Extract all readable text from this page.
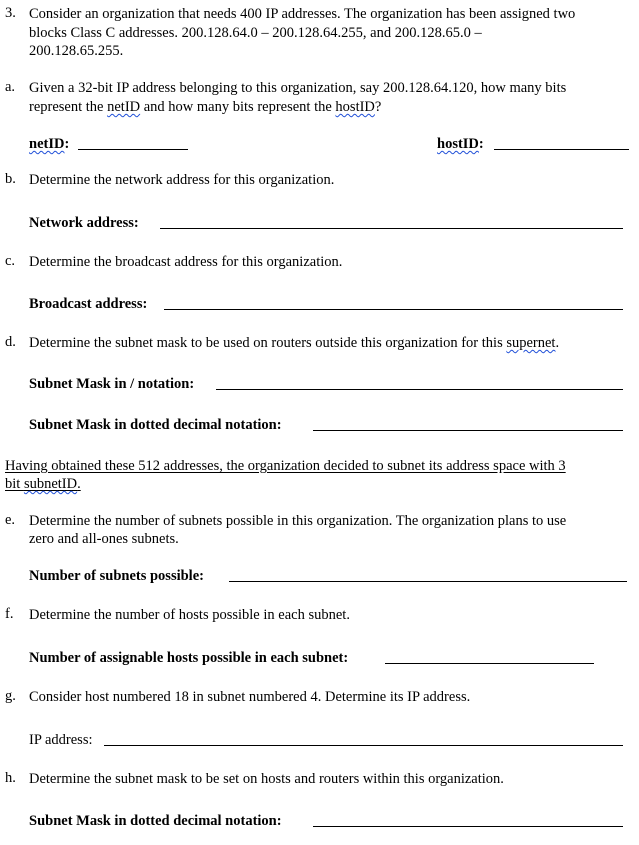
3. Consider an organization that needs 400 IP addresses. The organization has been assigned two
blocks Class C addresses. 200.128.64.0 – 200.128.64.255, and 200.128.65.0 –
200.128.65.255.
a. Given a 32-bit IP address belonging to this organization, say 200.128.64.120, how many bits
represent the netID and how many bits represent the hostID?
netID:	hostID:
b. Determine the network address for this organization.
Network address:
c. Determine the broadcast address for this organization.
Broadcast address:
d. Determine the subnet mask to be used on routers outside this organization for this supernet.
Subnet Mask in / notation:
Subnet Mask in dotted decimal notation:
Having obtained these 512 addresses, the organization decided to subnet its address space with 3
bit subnetID.
e. Determine the number of subnets possible in this organization. The organization plans to use
zero and all-ones subnets.
Number of subnets possible:
f. Determine the number of hosts possible in each subnet.
Number of assignable hosts possible in each subnet:
g. Consider host numbered 18 in subnet numbered 4. Determine its IP address.
IP address:
h. Determine the subnet mask to be set on hosts and routers within this organization.
Subnet Mask in dotted decimal notation:
